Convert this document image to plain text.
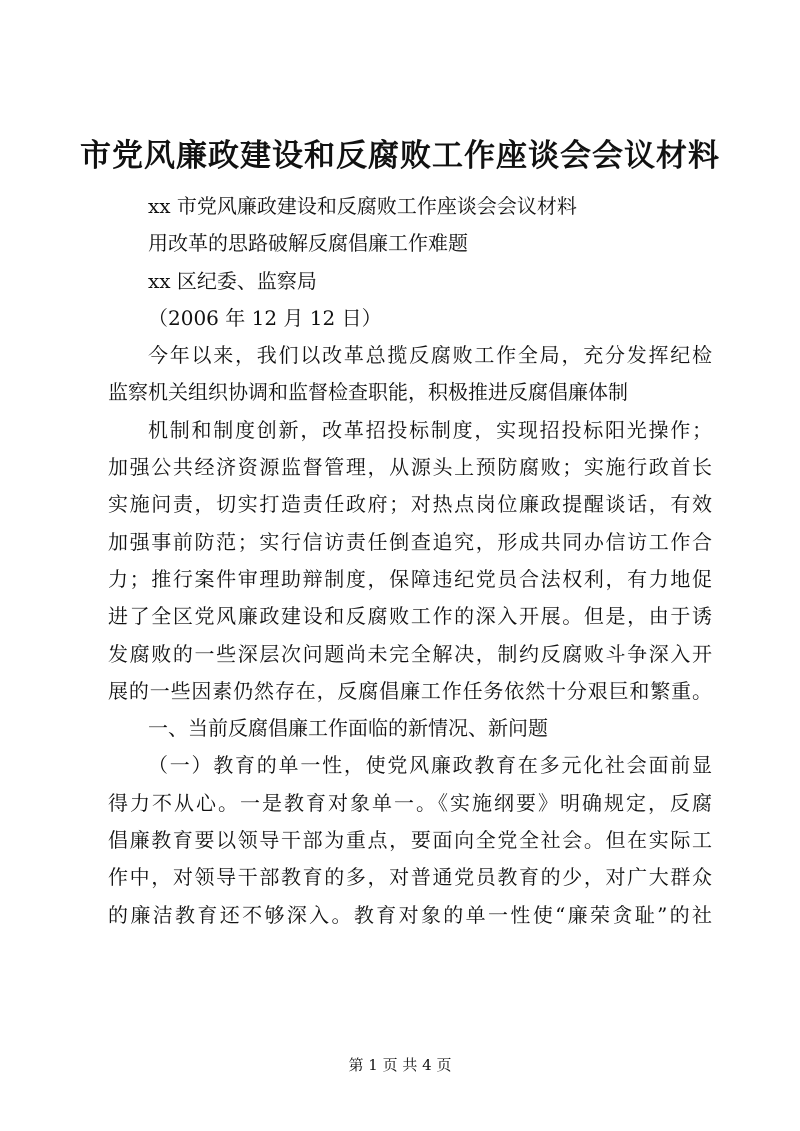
市党风廉政建设和反腐败工作座谈会会议材料
xx 市党风廉政建设和反腐败工作座谈会会议材料
用改革的思路破解反腐倡廉工作难题
xx 区纪委、监察局
（2006 年 12 月 12 日）
今年以来，我们以改革总揽反腐败工作全局，充分发挥纪检
监察机关组织协调和监督检查职能，积极推进反腐倡廉体制
机制和制度创新，改革招投标制度，实现招投标阳光操作；
加强公共经济资源监督管理，从源头上预防腐败；实施行政首长
实施问责，切实打造责任政府；对热点岗位廉政提醒谈话，有效
加强事前防范；实行信访责任倒查追究，形成共同办信访工作合
力；推行案件审理助辩制度，保障违纪党员合法权利，有力地促
进了全区党风廉政建设和反腐败工作的深入开展。但是，由于诱
发腐败的一些深层次问题尚未完全解决，制约反腐败斗争深入开
展的一些因素仍然存在，反腐倡廉工作任务依然十分艰巨和繁重。
一、当前反腐倡廉工作面临的新情况、新问题
（一）教育的单一性，使党风廉政教育在多元化社会面前显
得力不从心。一是教育对象单一。《实施纲要》明确规定，反腐
倡廉教育要以领导干部为重点，要面向全党全社会。但在实际工
作中，对领导干部教育的多，对普通党员教育的少，对广大群众
的廉洁教育还不够深入。教育对象的单一性使“廉荣贪耻”的社
第 1 页 共 4 页
